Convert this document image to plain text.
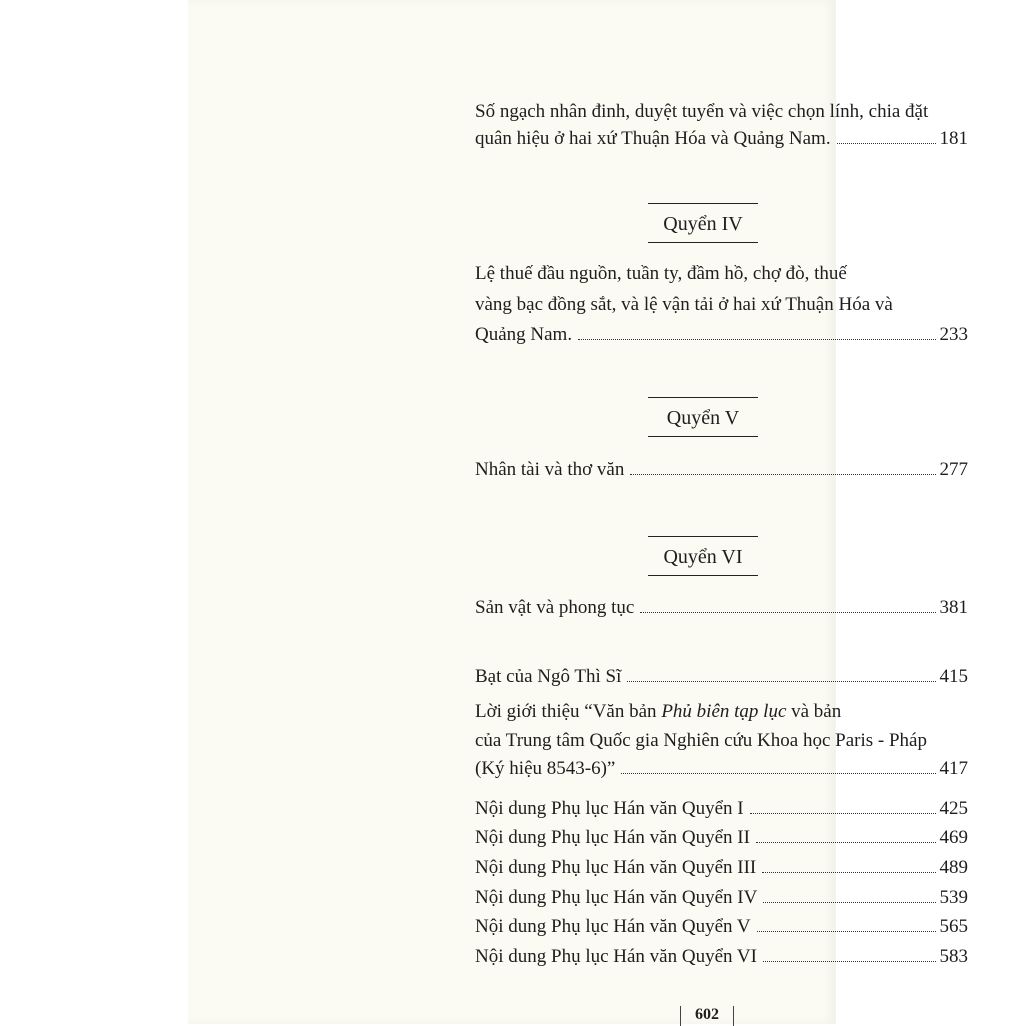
Số ngạch nhân đinh, duyệt tuyển và việc chọn lính, chia đặt
quân hiệu ở hai xứ Thuận Hóa và Quảng Nam.	181
Quyển IV
Lệ thuế đầu nguồn, tuần ty, đầm hồ, chợ đò, thuế
vàng bạc đồng sắt, và lệ vận tải ở hai xứ Thuận Hóa và
Quảng Nam.	233
Quyển V
Nhân tài và thơ văn	277
Quyển VI
Sản vật và phong tục	381
Bạt của Ngô Thì Sĩ	415
Lời giới thiệu “Văn bản Phủ biên tạp lục và bản
của Trung tâm Quốc gia Nghiên cứu Khoa học Paris - Pháp
(Ký hiệu 8543-6)”	417
Nội dung Phụ lục Hán văn Quyển I	425
Nội dung Phụ lục Hán văn Quyển II	469
Nội dung Phụ lục Hán văn Quyển III	489
Nội dung Phụ lục Hán văn Quyển IV	539
Nội dung Phụ lục Hán văn Quyển V	565
Nội dung Phụ lục Hán văn Quyển VI	583
602
